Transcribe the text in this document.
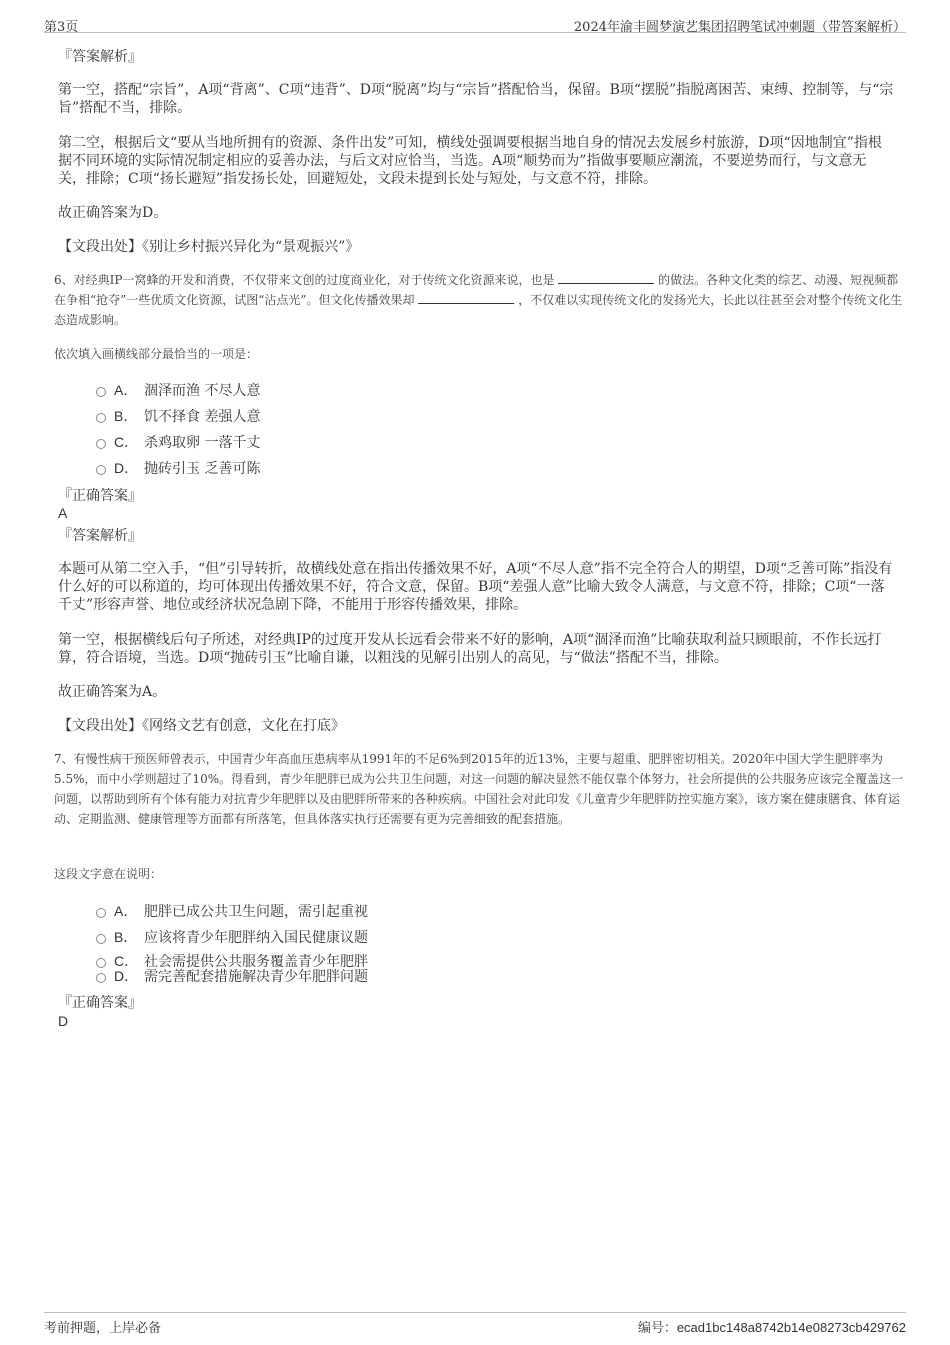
第3页	2024年渝丰圆梦演艺集团招聘笔试冲刺题（带答案解析）
『答案解析』
第一空，搭配“宗旨”，A项“背离”、C项“违背”、D项“脱离”均与“宗旨”搭配恰当，保留。B项“摆脱”指脱离困苦、束缚、控制等，与“宗旨”搭配不当，排除。
第二空，根据后文“要从当地所拥有的资源、条件出发”可知，横线处强调要根据当地自身的情况去发展乡村旅游，D项“因地制宜”指根据不同环境的实际情况制定相应的妥善办法，与后文对应恰当，当选。A项“顺势而为”指做事要顺应潮流，不要逆势而行，与文意无关，排除；C项“扬长避短”指发扬长处，回避短处，文段未提到长处与短处，与文意不符，排除。
故正确答案为D。
【文段出处】《别让乡村振兴异化为“景观振兴”》
6、对经典IP一窝蜂的开发和消费，不仅带来文创的过度商业化，对于传统文化资源来说，也是	的做法。各种文化类的综艺、动漫、短视频都在争相“抢夺”一些优质文化资源，试图“沾点光”。但文化传播效果却	，不仅难以实现传统文化的发扬光大，长此以往甚至会对整个传统文化生态造成影响。
依次填入画横线部分最恰当的一项是：
A． 涸泽而渔 不尽人意
B． 饥不择食 差强人意
C． 杀鸡取卵 一落千丈
D． 抛砖引玉 乏善可陈
『正确答案』
A
『答案解析』
本题可从第二空入手，“但”引导转折，故横线处意在指出传播效果不好，A项“不尽人意”指不完全符合人的期望，D项“乏善可陈”指没有什么好的可以称道的，均可体现出传播效果不好，符合文意，保留。B项“差强人意”比喻大致令人满意，与文意不符，排除；C项“一落千丈”形容声誉、地位或经济状况急剧下降，不能用于形容传播效果，排除。
第一空，根据横线后句子所述，对经典IP的过度开发从长远看会带来不好的影响，A项“涸泽而渔”比喻获取利益只顾眼前，不作长远打算，符合语境，当选。D项“抛砖引玉”比喻自谦，以粗浅的见解引出别人的高见，与“做法”搭配不当，排除。
故正确答案为A。
【文段出处】《网络文艺有创意，文化在打底》
7、有慢性病干预医师曾表示，中国青少年高血压患病率从1991年的不足6%到2015年的近13%，主要与超重、肥胖密切相关。2020年中国大学生肥胖率为5.5%，而中小学则超过了10%。得看到，青少年肥胖已成为公共卫生问题，对这一问题的解决显然不能仅靠个体努力，社会所提供的公共服务应该完全覆盖这一问题，以帮助到所有个体有能力对抗青少年肥胖以及由肥胖所带来的各种疾病。中国社会对此印发《儿童青少年肥胖防控实施方案》，该方案在健康膳食、体育运动、定期监测、健康管理等方面都有所落笔，但具体落实执行还需要有更为完善细致的配套措施。
这段文字意在说明：
A． 肥胖已成公共卫生问题，需引起重视
B． 应该将青少年肥胖纳入国民健康议题
C． 社会需提供公共服务覆盖青少年肥胖
D． 需完善配套措施解决青少年肥胖问题
『正确答案』
D
考前押题，上岸必备	编号：ecad1bc148a8742b14e08273cb429762
